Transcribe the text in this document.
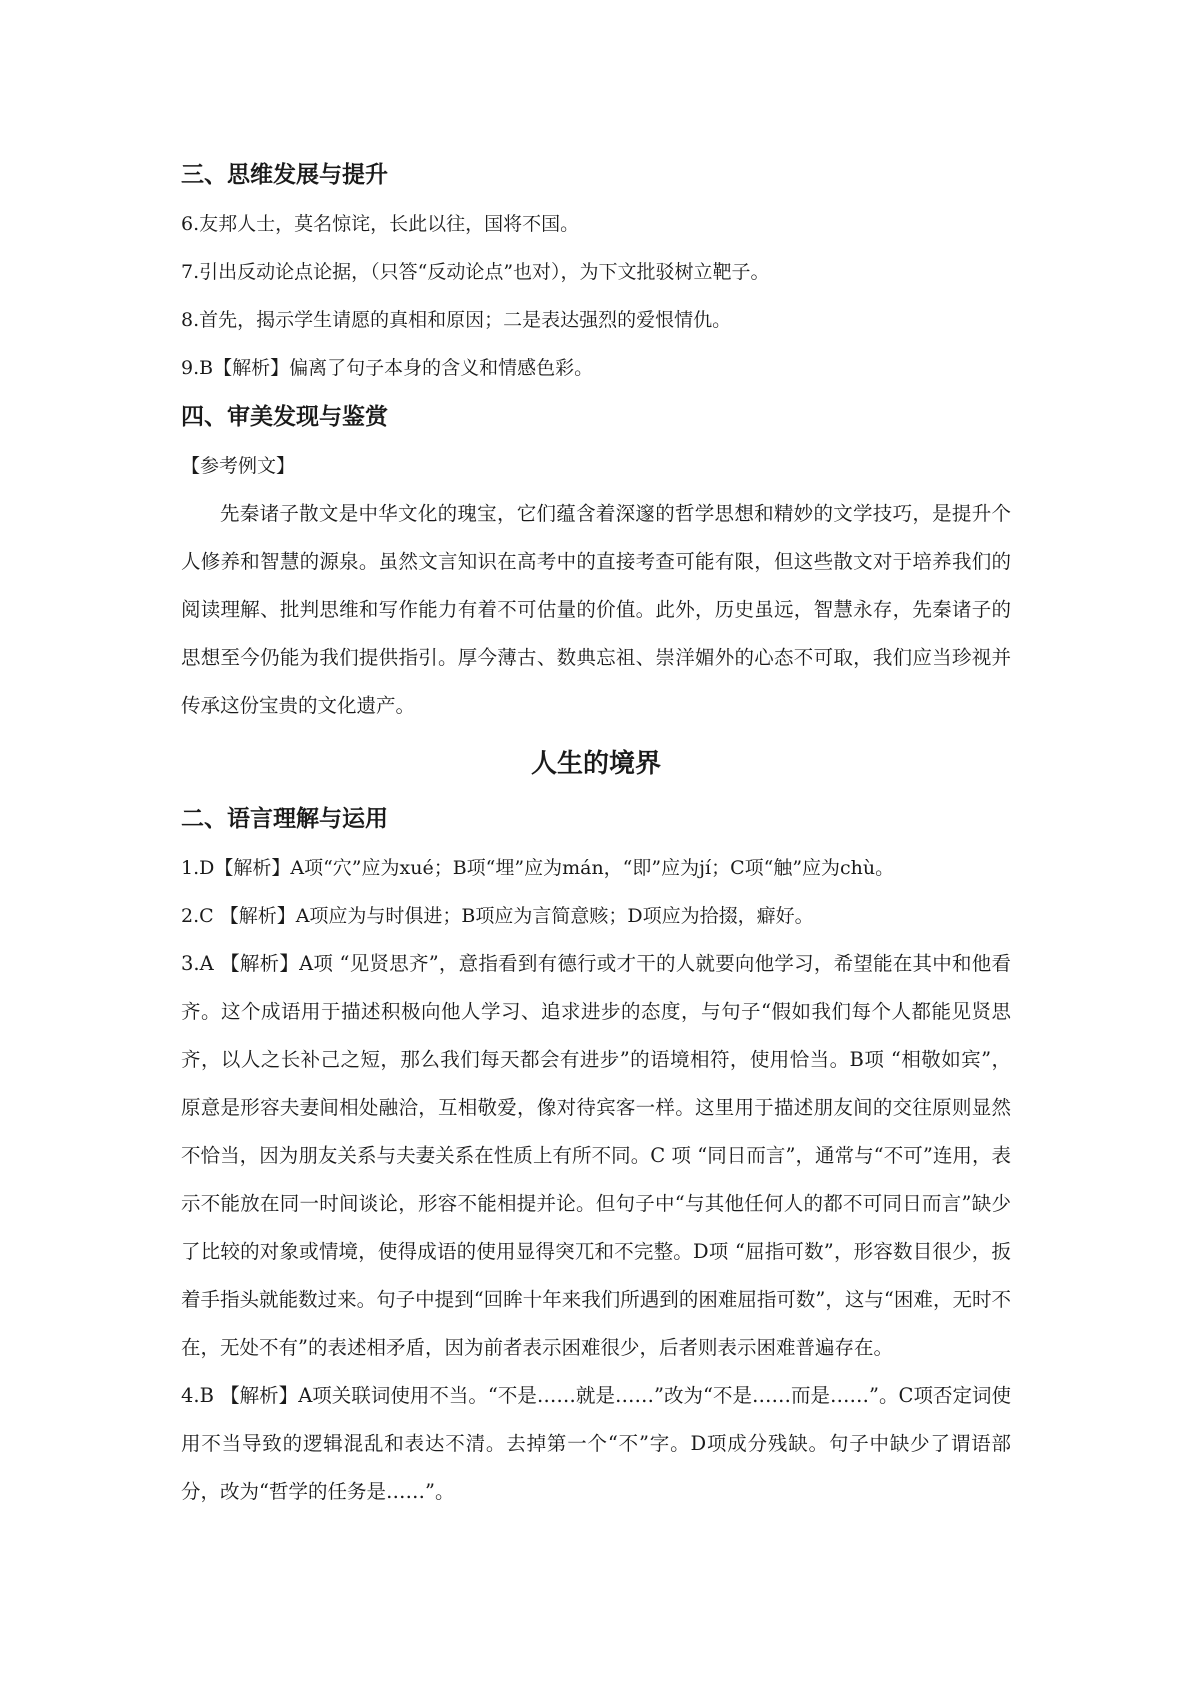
三、思维发展与提升

6.友邦人士，莫名惊诧，长此以往，国将不国。

7.引出反动论点论据，（只答“反动论点”也对），为下文批驳树立靶子。

8.首先，揭示学生请愿的真相和原因；二是表达强烈的爱恨情仇。

9.B【解析】偏离了句子本身的含义和情感色彩。

四、审美发现与鉴赏

【参考例文】

先秦诸子散文是中华文化的瑰宝，它们蕴含着深邃的哲学思想和精妙的文学技巧，是提升个人修养和智慧的源泉。虽然文言知识在高考中的直接考查可能有限，但这些散文对于培养我们的阅读理解、批判思维和写作能力有着不可估量的价值。此外，历史虽远，智慧永存，先秦诸子的思想至今仍能为我们提供指引。厚今薄古、数典忘祖、崇洋媚外的心态不可取，我们应当珍视并传承这份宝贵的文化遗产。

人生的境界
二、语言理解与运用

1.D【解析】A项“穴”应为xué；B项“埋”应为mán，“即”应为jí；C项“触”应为chù。

2.C 【解析】A项应为与时俱进；B项应为言简意赅；D项应为拾掇，癖好。

3.A 【解析】A项 “见贤思齐”，意指看到有德行或才干的人就要向他学习，希望能在其中和他看齐。这个成语用于描述积极向他人学习、追求进步的态度，与句子“假如我们每个人都能见贤思齐，以人之长补己之短，那么我们每天都会有进步”的语境相符，使用恰当。B项 “相敬如宾”，原意是形容夫妻间相处融洽，互相敬爱，像对待宾客一样。这里用于描述朋友间的交往原则显然不恰当，因为朋友关系与夫妻关系在性质上有所不同。C 项 “同日而言”，通常与“不可”连用，表示不能放在同一时间谈论，形容不能相提并论。但句子中“与其他任何人的都不可同日而言”缺少了比较的对象或情境，使得成语的使用显得突兀和不完整。D项 “屈指可数”，形容数目很少，扳着手指头就能数过来。句子中提到“回眸十年来我们所遇到的困难屈指可数”，这与“困难，无时不在，无处不有”的表述相矛盾，因为前者表示困难很少，后者则表示困难普遍存在。

4.B 【解析】A项关联词使用不当。“不是……就是……”改为“不是……而是……”。C项否定词使用不当导致的逻辑混乱和表达不清。去掉第一个“不”字。D项成分残缺。句子中缺少了谓语部分，改为“哲学的任务是……”。
